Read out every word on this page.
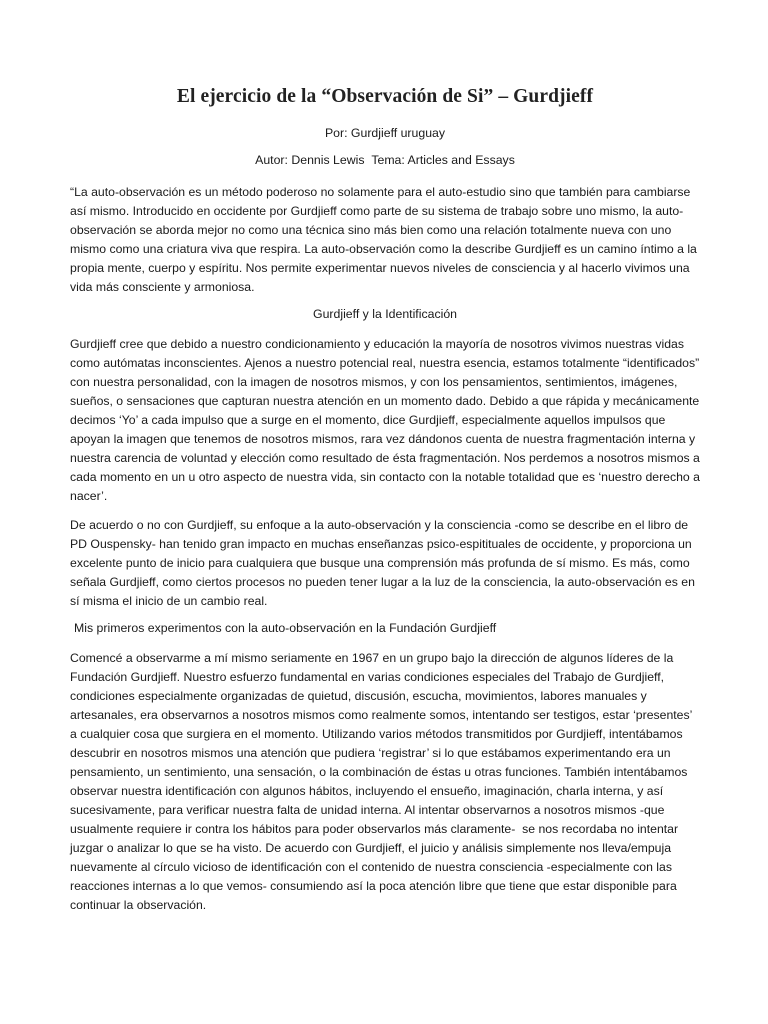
El ejercicio de la “Observación de Si” – Gurdjieff

Por: Gurdjieff uruguay

Autor: Dennis Lewis  Tema: Articles and Essays

“La auto-observación es un método poderoso no solamente para el auto-estudio sino que también para cambiarse así mismo. Introducido en occidente por Gurdjieff como parte de su sistema de trabajo sobre uno mismo, la auto-observación se aborda mejor no como una técnica sino más bien como una relación totalmente nueva con uno mismo como una criatura viva que respira. La auto-observación como la describe Gurdjieff es un camino íntimo a la propia mente, cuerpo y espíritu. Nos permite experimentar nuevos niveles de consciencia y al hacerlo vivimos una vida más consciente y armoniosa.

Gurdjieff y la Identificación

Gurdjieff cree que debido a nuestro condicionamiento y educación la mayoría de nosotros vivimos nuestras vidas como autómatas inconscientes. Ajenos a nuestro potencial real, nuestra esencia, estamos totalmente “identificados” con nuestra personalidad, con la imagen de nosotros mismos, y con los pensamientos, sentimientos, imágenes, sueños, o sensaciones que capturan nuestra atención en un momento dado. Debido a que rápida y mecánicamente decimos ‘Yo’ a cada impulso que a surge en el momento, dice Gurdjieff, especialmente aquellos impulsos que apoyan la imagen que tenemos de nosotros mismos, rara vez dándonos cuenta de nuestra fragmentación interna y nuestra carencia de voluntad y elección como resultado de ésta fragmentación. Nos perdemos a nosotros mismos a cada momento en un u otro aspecto de nuestra vida, sin contacto con la notable totalidad que es ‘nuestro derecho a nacer’.

De acuerdo o no con Gurdjieff, su enfoque a la auto-observación y la consciencia -como se describe en el libro de PD Ouspensky- han tenido gran impacto en muchas enseñanzas psico-espitituales de occidente, y proporciona un excelente punto de inicio para cualquiera que busque una comprensión más profunda de sí mismo. Es más, como señala Gurdjieff, como ciertos procesos no pueden tener lugar a la luz de la consciencia, la auto-observación es en sí misma el inicio de un cambio real.

Mis primeros experimentos con la auto-observación en la Fundación Gurdjieff

Comencé a observarme a mí mismo seriamente en 1967 en un grupo bajo la dirección de algunos líderes de la Fundación Gurdjieff. Nuestro esfuerzo fundamental en varias condiciones especiales del Trabajo de Gurdjieff, condiciones especialmente organizadas de quietud, discusión, escucha, movimientos, labores manuales y artesanales, era observarnos a nosotros mismos como realmente somos, intentando ser testigos, estar ‘presentes’ a cualquier cosa que surgiera en el momento. Utilizando varios métodos transmitidos por Gurdjieff, intentábamos descubrir en nosotros mismos una atención que pudiera ‘registrar’ si lo que estábamos experimentando era un pensamiento, un sentimiento, una sensación, o la combinación de éstas u otras funciones. También intentábamos observar nuestra identificación con algunos hábitos, incluyendo el ensueño, imaginación, charla interna, y así sucesivamente, para verificar nuestra falta de unidad interna. Al intentar observarnos a nosotros mismos -que usualmente requiere ir contra los hábitos para poder observarlos más claramente-  se nos recordaba no intentar juzgar o analizar lo que se ha visto. De acuerdo con Gurdjieff, el juicio y análisis simplemente nos lleva/empuja nuevamente al círculo vicioso de identificación con el contenido de nuestra consciencia -especialmente con las reacciones internas a lo que vemos- consumiendo así la poca atención libre que tiene que estar disponible para continuar la observación.
